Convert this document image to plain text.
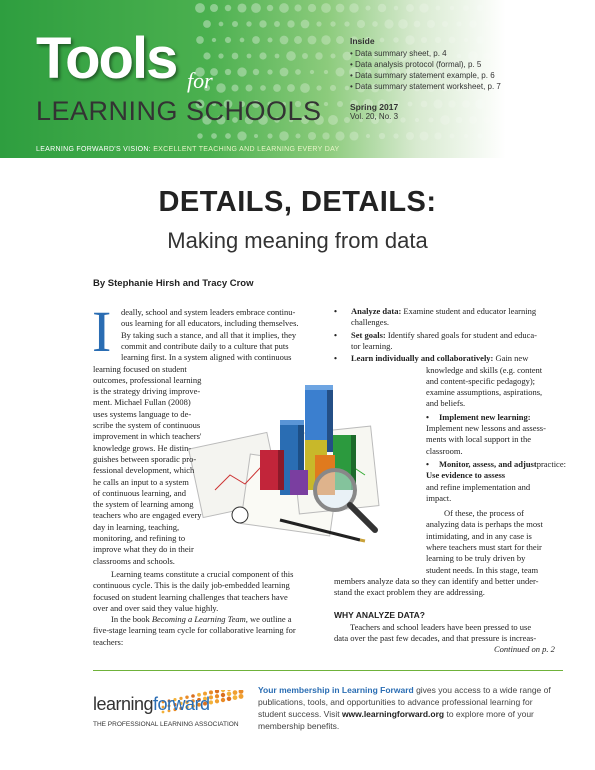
Tools for
LEARNING SCHOOLS
Inside
• Data summary sheet, p. 4
• Data analysis protocol (formal), p. 5
• Data summary statement example, p. 6
• Data summary statement worksheet, p. 7
Spring 2017
Vol. 20, No. 3
LEARNING FORWARD'S VISION: EXCELLENT TEACHING AND LEARNING EVERY DAY
DETAILS, DETAILS:
Making meaning from data
By Stephanie Hirsh and Tracy Crow
I	• Analyze data: Examine student and educator learning
challenges.
• Set goals: Identify shared goals for student and educa-
tor learning.
• Learn individually and collaboratively: Gain new
knowledge and skills (e.g. content
and content-specific pedagogy);
examine assumptions, aspirations,
and beliefs.
• Implement new learning:
Implement new lessons and assess-
ments with local support in the
classroom.
• Monitor, assess, and adjustpractice:
Use evidence to assess
and refine implementation and
impact.
WHY ANALYZE DATA?
Continued on p. 2
learningforward
THE PROFESSIONAL LEARNING ASSOCIATION
Your membership in Learning Forward gives you access to a wide range of publications, tools, and opportunities to advance professional learning for student success. Visit www.learningforward.org to explore more of your membership benefits.
deally, school and system leaders embrace continu-
ous learning for all educators, including themselves.
By taking such a stance, and all that it implies, they
commit and contribute daily to a culture that puts
learning first. In a system aligned with continuous
learning focused on student
outcomes, professional learning
is the strategy driving improve-
ment. Michael Fullan (2008)
uses systems language to de-
scribe the system of continuous
improvement in which teachers'
knowledge grows. He distin-
guishes between sporadic pro-
fessional development, which
he calls an input to a system
of continuous learning, and
the system of learning among
teachers who are engaged every
day in learning, teaching,
monitoring, and refining to
improve what they do in their
classrooms and schools.
Learning teams constitute a crucial component of this
continuous cycle. This is the daily job-embedded learning
focused on student learning challenges that teachers have
over and over said they value highly.
In the book Becoming a Learning Team, we outline a
five-stage learning team cycle for collaborative learning for
teachers:
Of these, the process of
analyzing data is perhaps the most
intimidating, and in any case is
where teachers must start for their
learning to be truly driven by
student needs. In this stage, team
members analyze data so they can identify and better under-
stand the exact problem they are addressing.
Teachers and school leaders have been pressed to use
data over the past few decades, and that pressure is increas-
